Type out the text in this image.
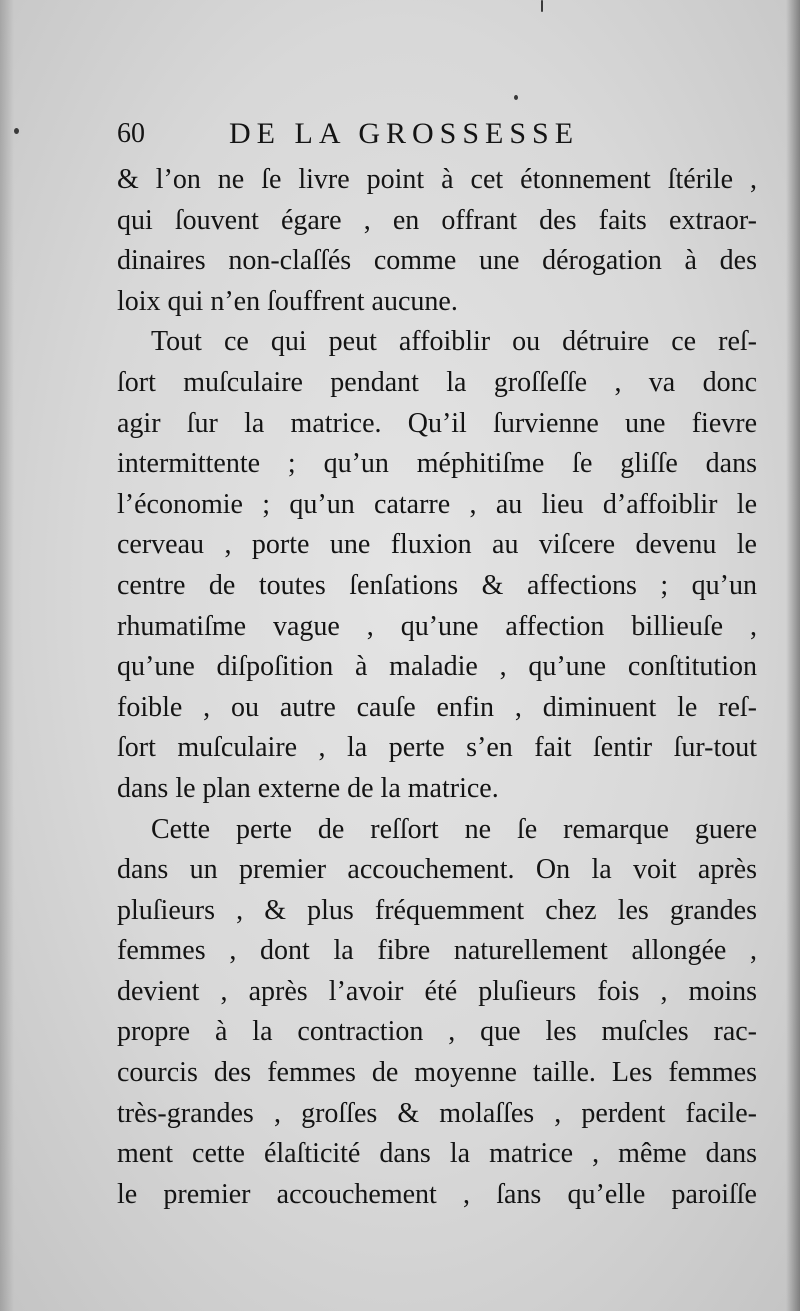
60	DE LA GROSSESSE
& l’on ne ſe livre point à cet étonnement ſtérile ,
qui ſouvent égare , en offrant des faits extraor-
dinaires non-claſſés comme une dérogation à des
loix qui n’en ſouffrent aucune.
Tout ce qui peut affoiblir ou détruire ce reſ-
ſort muſculaire pendant la groſſeſſe , va donc
agir ſur la matrice. Qu’il ſurvienne une fievre
intermittente ; qu’un méphitiſme ſe gliſſe dans
l’économie ; qu’un catarre , au lieu d’affoiblir le
cerveau , porte une fluxion au viſcere devenu le
centre de toutes ſenſations & affections ; qu’un
rhumatiſme vague , qu’une affection billieuſe ,
qu’une diſpoſition à maladie , qu’une conſtitution
foible , ou autre cauſe enfin , diminuent le reſ-
ſort muſculaire , la perte s’en fait ſentir ſur-tout
dans le plan externe de la matrice.
Cette perte de reſſort ne ſe remarque guere
dans un premier accouchement. On la voit après
pluſieurs , & plus fréquemment chez les grandes
femmes , dont la fibre naturellement allongée ,
devient , après l’avoir été pluſieurs fois , moins
propre à la contraction , que les muſcles rac-
courcis des femmes de moyenne taille. Les femmes
très-grandes , groſſes & molaſſes , perdent facile-
ment cette élaſticité dans la matrice , même dans
le premier accouchement , ſans qu’elle paroiſſe
